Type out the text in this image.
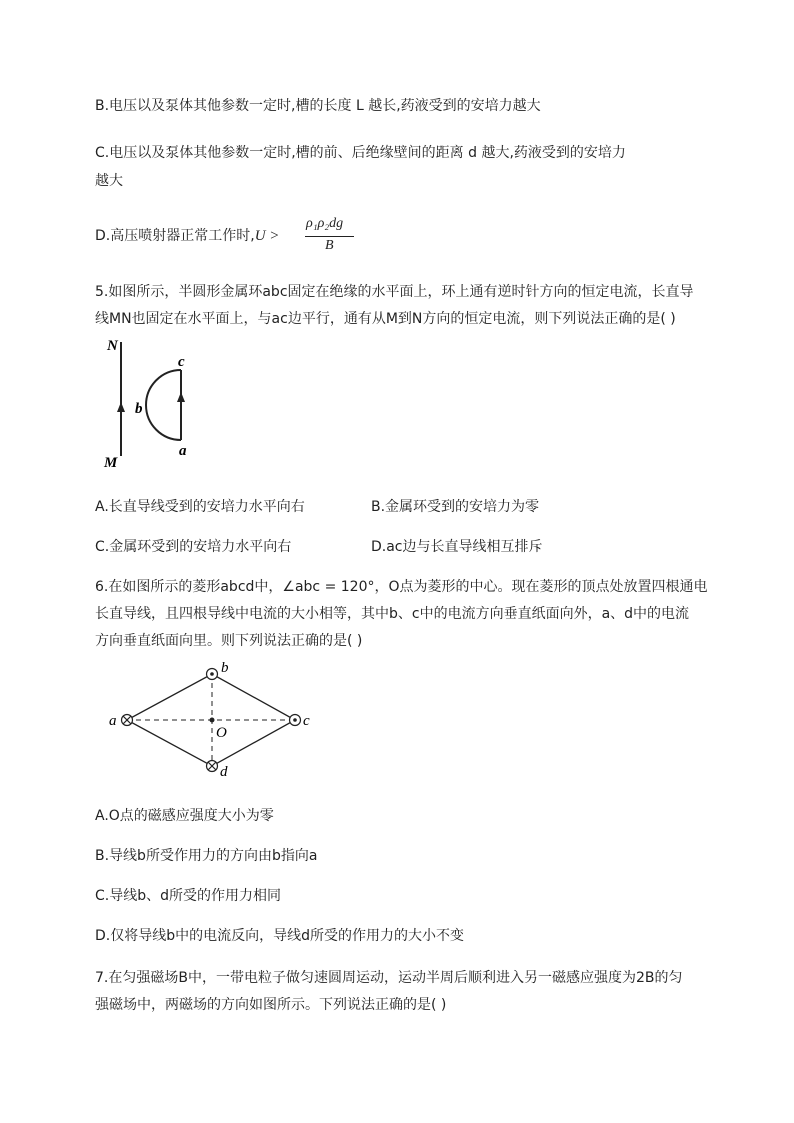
B.电压以及泵体其他参数一定时,槽的长度 L 越长,药液受到的安培力越大
C.电压以及泵体其他参数一定时,槽的前、后绝缘壁间的距离 d 越大,药液受到的安培力
越大
D.高压喷射器正常工作时,U >
ρ₁ρ₂dg
B
5.如图所示，半圆形金属环abc固定在绝缘的水平面上，环上通有逆时针方向的恒定电流，长直导
线MN也固定在水平面上，与ac边平行，通有从M到N方向的恒定电流，则下列说法正确的是( )
N
M
c
b
a
A.长直导线受到的安培力水平向右	B.金属环受到的安培力为零
C.金属环受到的安培力水平向右	D.ac边与长直导线相互排斥
6.在如图所示的菱形abcd中，∠abc = 120°，O点为菱形的中心。现在菱形的顶点处放置四根通电
长直导线，且四根导线中电流的大小相等，其中b、c中的电流方向垂直纸面向外，a、d中的电流
方向垂直纸面向里。则下列说法正确的是( )
a
b
c
d
O
A.O点的磁感应强度大小为零
B.导线b所受作用力的方向由b指向a
C.导线b、d所受的作用力相同
D.仅将导线b中的电流反向，导线d所受的作用力的大小不变
7.在匀强磁场B中，一带电粒子做匀速圆周运动，运动半周后顺利进入另一磁感应强度为2B的匀
强磁场中，两磁场的方向如图所示。下列说法正确的是( )
